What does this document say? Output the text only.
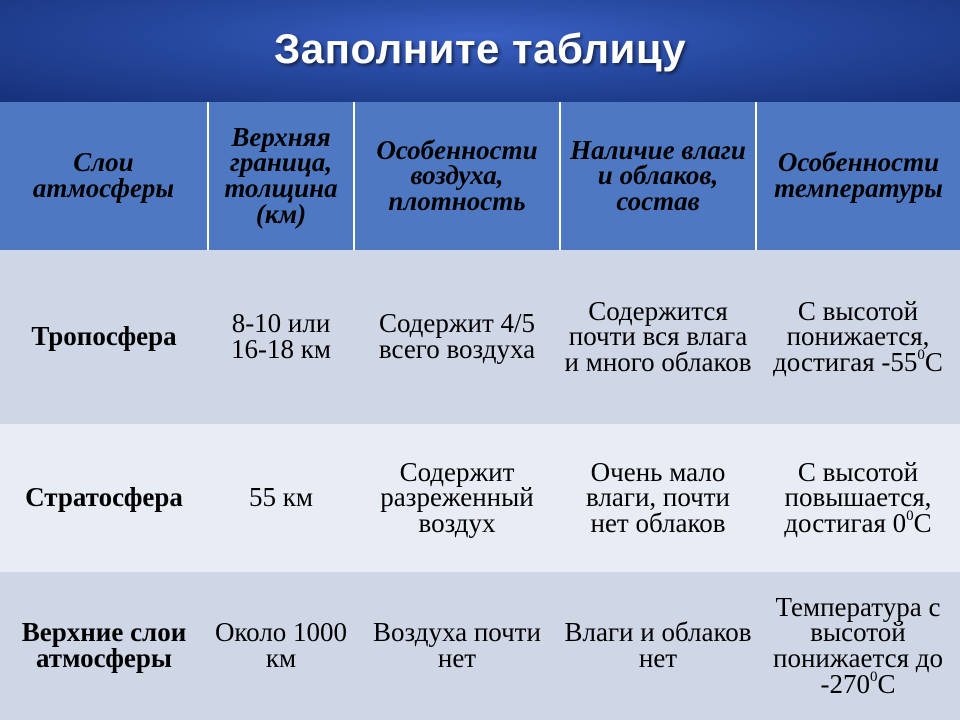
Заполните таблицу
Слои атмосферы	Верхняя граница, толщина (км)	Особенности воздуха, плотность	Наличие влаги и облаков, состав	Особенности температуры
Тропосфера	8-10 или 16-18 км	Содержит 4/5 всего воздуха	Содержится почти вся влага и много облаков	С высотой понижается, достигая $-55^0С$
Стратосфера	55 км	Содержит разреженный воздух	Очень мало влаги, почти нет облаков	С высотой повышается, достигая $0^0С$
Верхние слои атмосферы	Около 1000 км	Воздуха почти нет	Влаги и облаков нет	Температура с высотой понижается до $-270^0С$
